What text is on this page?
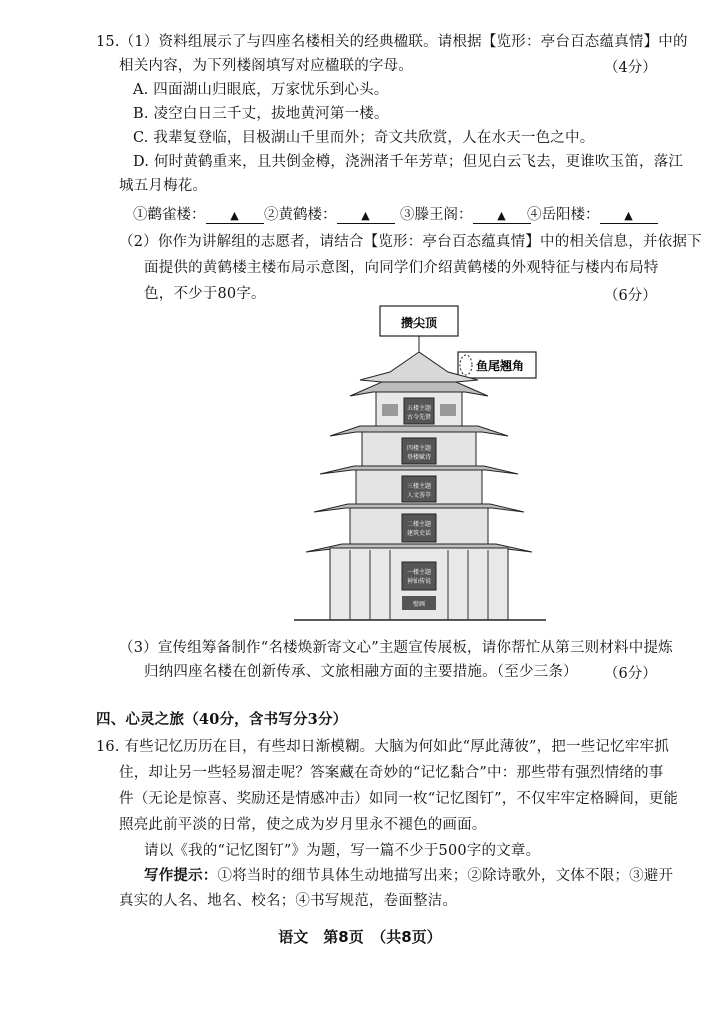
15.（1）资料组展示了与四座名楼相关的经典楹联。请根据【览形：亭台百态蕴真情】中的
相关内容，为下列楼阁填写对应楹联的字母。	（4分）
A. 四面湖山归眼底，万家忧乐到心头。
B. 凌空白日三千丈，拔地黄河第一楼。
C. 我辈复登临，目极湖山千里而外；奇文共欣赏，人在水天一色之中。
D. 何时黄鹤重来，且共倒金樽，浇洲渚千年芳草；但见白云飞去，更谁吹玉笛，落江
城五月梅花。
①鹳雀楼： ▲	②黄鹤楼： ▲	③滕王阁： ▲	④岳阳楼： ▲
（2）你作为讲解组的志愿者，请结合【览形：亭台百态蕴真情】中的相关信息，并依据下
面提供的黄鹤楼主楼布局示意图，向同学们介绍黄鹤楼的外观特征与楼内布局特
色，不少于80字。	（6分）
攒尖顶
鱼尾翘角
五楼主题
古今先贤
四楼主题
登楼赋诗
三楼主题
人文荟萃
二楼主题
建筑史话
一楼主题
神仙传说
壁画
（3）宣传组筹备制作“名楼焕新寄文心”主题宣传展板，请你帮忙从第三则材料中提炼
归纳四座名楼在创新传承、文旅相融方面的主要措施。（至少三条） （6分）
四、心灵之旅（40分，含书写分3分）
16. 有些记忆历历在目，有些却日渐模糊。大脑为何如此“厚此薄彼”，把一些记忆牢牢抓
住，却让另一些轻易溜走呢？答案藏在奇妙的“记忆黏合”中：那些带有强烈情绪的事
件（无论是惊喜、奖励还是情感冲击）如同一枚“记忆图钉”，不仅牢牢定格瞬间，更能
照亮此前平淡的日常，使之成为岁月里永不褪色的画面。
请以《我的“记忆图钉”》为题，写一篇不少于500字的文章。
写作提示：①将当时的细节具体生动地描写出来；②除诗歌外，文体不限；③避开
真实的人名、地名、校名；④书写规范，卷面整洁。
语文　第8页　（共8页）
